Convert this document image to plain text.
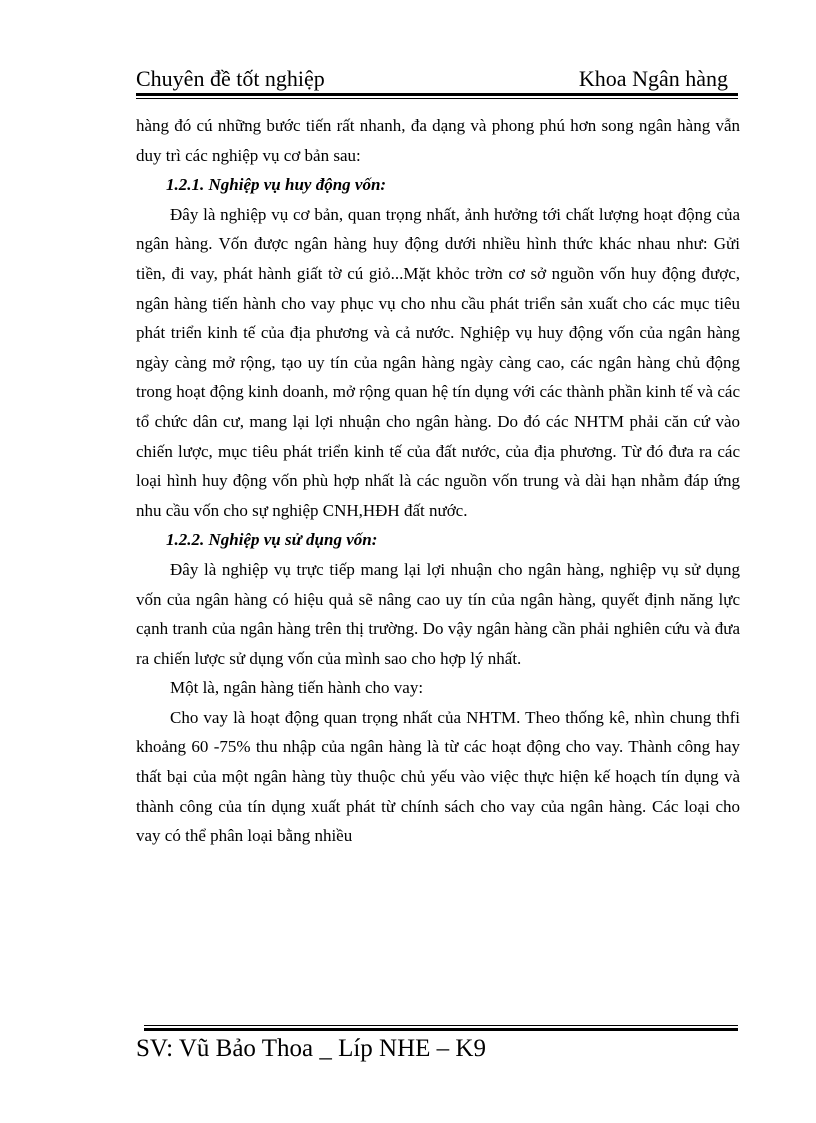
Chuyên đề tốt nghiệp	Khoa Ngân hàng

hàng đó cú những bước tiến rất nhanh, đa dạng và phong phú hơn song ngân hàng vẫn duy trì các nghiệp vụ cơ bản sau:

1.2.1. Nghiệp vụ huy động vốn:

Đây là nghiệp vụ cơ bản, quan trọng nhất, ảnh hưởng tới chất lượng hoạt động của ngân hàng. Vốn được ngân hàng huy động dưới nhiều hình thức khác nhau như: Gửi tiền, đi vay, phát hành giất tờ cú giỏ...Mặt khỏc trờn cơ sở nguồn vốn huy động được, ngân hàng tiến hành cho vay phục vụ cho nhu cầu phát triển sản xuất cho các mục tiêu phát triển kinh tế của địa phương và cả nước. Nghiệp vụ huy động vốn của ngân hàng ngày càng mở rộng, tạo uy tín của ngân hàng ngày càng cao, các ngân hàng chủ động trong hoạt động kinh doanh, mở rộng quan hệ tín dụng với các thành phần kinh tế và các tổ chức dân cư, mang lại lợi nhuận cho ngân hàng. Do đó các NHTM phải căn cứ vào chiến lược, mục tiêu phát triển kinh tế của đất nước, của địa phương. Từ đó đưa ra các loại hình huy động vốn phù hợp nhất là các nguồn vốn trung và dài hạn nhằm đáp ứng nhu cầu vốn cho sự nghiệp CNH,HĐH đất nước.

1.2.2. Nghiệp vụ sử dụng vốn:

Đây là nghiệp vụ trực tiếp mang lại lợi nhuận cho ngân hàng, nghiệp vụ sử dụng vốn của ngân hàng có hiệu quả sẽ nâng cao uy tín của ngân hàng, quyết định năng lực cạnh tranh của ngân hàng trên thị trường. Do vậy ngân hàng cần phải nghiên cứu và đưa ra chiến lược sử dụng vốn của mình sao cho hợp lý nhất.

Một là, ngân hàng tiến hành cho vay:

Cho vay là hoạt động quan trọng nhất của NHTM. Theo thống kê, nhìn chung thfi khoảng 60 -75% thu nhập của ngân hàng là từ các hoạt động cho vay. Thành công hay thất bại của một ngân hàng tùy thuộc chủ yếu vào việc thực hiện kế hoạch tín dụng và thành công của tín dụng xuất phát từ chính sách cho vay của ngân hàng. Các loại cho vay có thể phân loại bằng nhiều

SV: Vũ Bảo Thoa _ Líp NHE – K9
